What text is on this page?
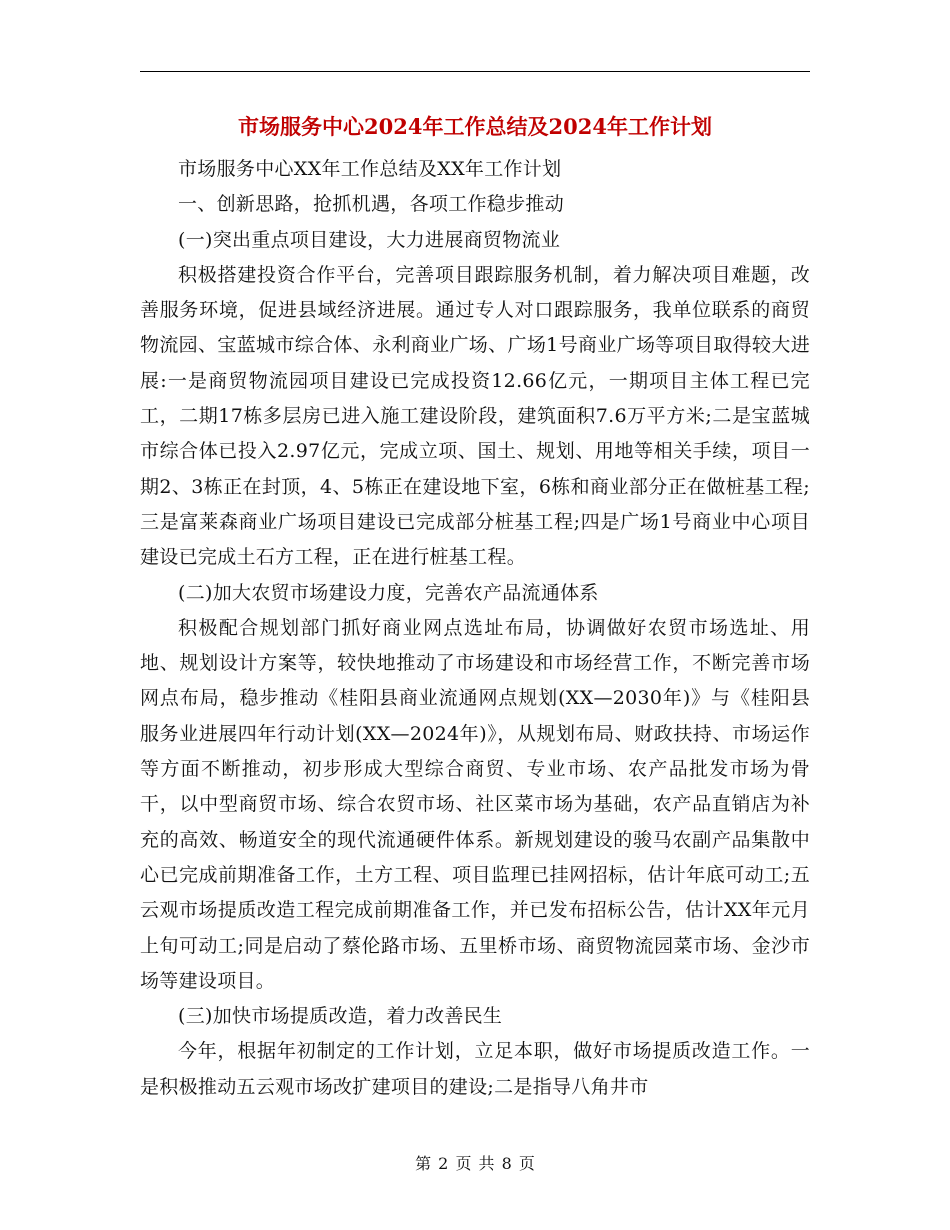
市场服务中心2024年工作总结及2024年工作计划

市场服务中心XX年工作总结及XX年工作计划

一、创新思路，抢抓机遇，各项工作稳步推动

(一)突出重点项目建设，大力进展商贸物流业

积极搭建投资合作平台，完善项目跟踪服务机制，着力解决项目难题，改善服务环境，促进县域经济进展。通过专人对口跟踪服务，我单位联系的商贸物流园、宝蓝城市综合体、永利商业广场、广场1号商业广场等项目取得较大进展:一是商贸物流园项目建设已完成投资12.66亿元，一期项目主体工程已完工，二期17栋多层房已进入施工建设阶段，建筑面积7.6万平方米;二是宝蓝城市综合体已投入2.97亿元，完成立项、国土、规划、用地等相关手续，项目一期2、3栋正在封顶，4、5栋正在建设地下室，6栋和商业部分正在做桩基工程;三是富莱森商业广场项目建设已完成部分桩基工程;四是广场1号商业中心项目建设已完成土石方工程，正在进行桩基工程。

(二)加大农贸市场建设力度，完善农产品流通体系

积极配合规划部门抓好商业网点选址布局，协调做好农贸市场选址、用地、规划设计方案等，较快地推动了市场建设和市场经营工作，不断完善市场网点布局，稳步推动《桂阳县商业流通网点规划(XX—2030年)》与《桂阳县服务业进展四年行动计划(XX—2024年)》，从规划布局、财政扶持、市场运作等方面不断推动，初步形成大型综合商贸、专业市场、农产品批发市场为骨干，以中型商贸市场、综合农贸市场、社区菜市场为基础，农产品直销店为补充的高效、畅道安全的现代流通硬件体系。新规划建设的骏马农副产品集散中心已完成前期准备工作，土方工程、项目监理已挂网招标，估计年底可动工;五云观市场提质改造工程完成前期准备工作，并已发布招标公告，估计XX年元月上旬可动工;同是启动了蔡伦路市场、五里桥市场、商贸物流园菜市场、金沙市场等建设项目。

(三)加快市场提质改造，着力改善民生

今年，根据年初制定的工作计划，立足本职，做好市场提质改造工作。一是积极推动五云观市场改扩建项目的建设;二是指导八角井市

第 2 页 共 8 页
